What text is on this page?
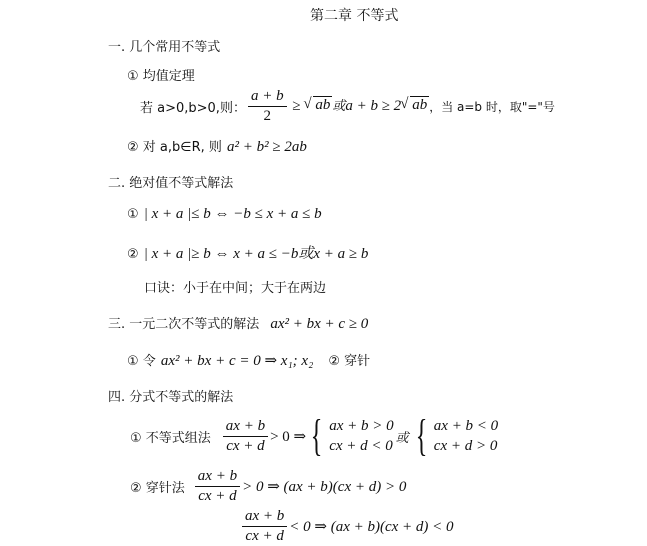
第二章 不等式
一. 几个常用不等式
① 均值定理
若 a>0,b>0,则： $\frac{a + b}{2}$ ≥ √ ab 或a + b ≥ 2√ ab ，当 a=b 时，取"="号
② 对 a,b∈R, 则 a² + b² ≥ 2ab
二. 绝对值不等式解法
① | x + a |≤ b ⇔ −b ≤ x + a ≤ b
② | x + a |≥ b ⇔ x + a ≤ −b或x + a ≥ b
口诀：小于在中间；大于在两边
三. 一元二次不等式的解法 ax² + bx + c ≥ 0
① 令 ax² + bx + c = 0 ⇒ x₁; x₂ ② 穿针
四. 分式不等式的解法
① 不等式组法 $\frac{ax + b}{cx + d} > 0$ ⇒ { ax + b > 0
cx + d < 0 或 { ax + b < 0
cx + d > 0
② 穿针法 $\frac{ax + b}{cx + d} > 0$ ⇒ (ax + b)(cx + d) > 0
$\frac{ax + b}{cx + d} < 0$ ⇒ (ax + b)(cx + d) < 0
